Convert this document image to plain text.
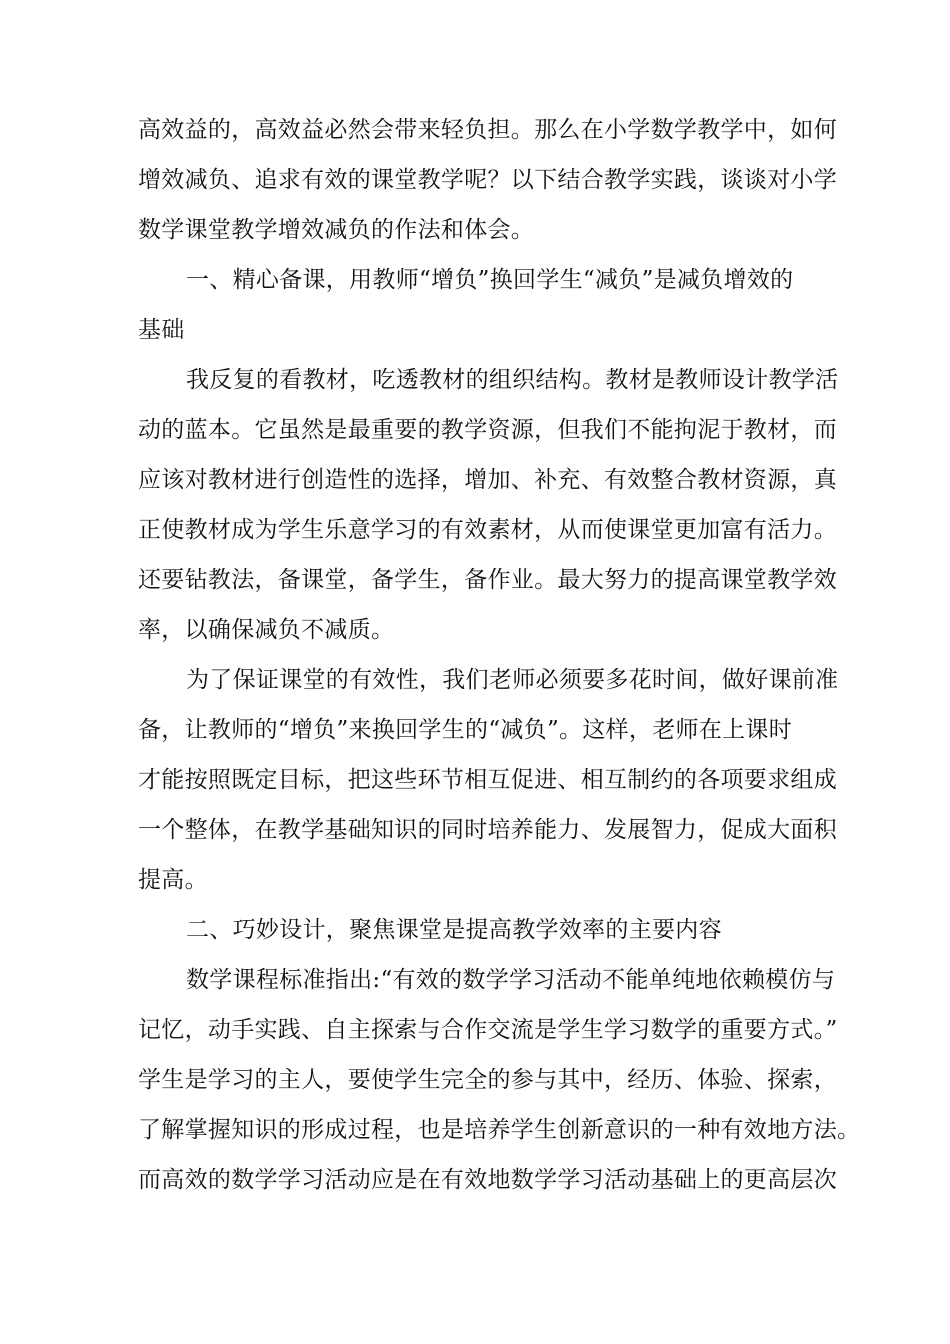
高效益的，高效益必然会带来轻负担。那么在小学数学教学中，如何
增效减负、追求有效的课堂教学呢？以下结合教学实践，谈谈对小学
数学课堂教学增效减负的作法和体会。
一、精心备课，用教师“增负”换回学生“减负”是减负增效的
基础
我反复的看教材，吃透教材的组织结构。教材是教师设计教学活
动的蓝本。它虽然是最重要的教学资源，但我们不能拘泥于教材，而
应该对教材进行创造性的选择，增加、补充、有效整合教材资源，真
正使教材成为学生乐意学习的有效素材，从而使课堂更加富有活力。
还要钻教法，备课堂，备学生，备作业。最大努力的提高课堂教学效
率，以确保减负不减质。
为了保证课堂的有效性，我们老师必须要多花时间，做好课前准
备，让教师的“增负”来换回学生的“减负”。这样，老师在上课时
才能按照既定目标，把这些环节相互促进、相互制约的各项要求组成
一个整体，在教学基础知识的同时培养能力、发展智力，促成大面积
提高。
二、巧妙设计，聚焦课堂是提高教学效率的主要内容
数学课程标准指出:“有效的数学学习活动不能单纯地依赖模仿与
记忆，动手实践、自主探索与合作交流是学生学习数学的重要方式。”
学生是学习的主人，要使学生完全的参与其中，经历、体验、探索，
了解掌握知识的形成过程，也是培养学生创新意识的一种有效地方法。
而高效的数学学习活动应是在有效地数学学习活动基础上的更高层次
